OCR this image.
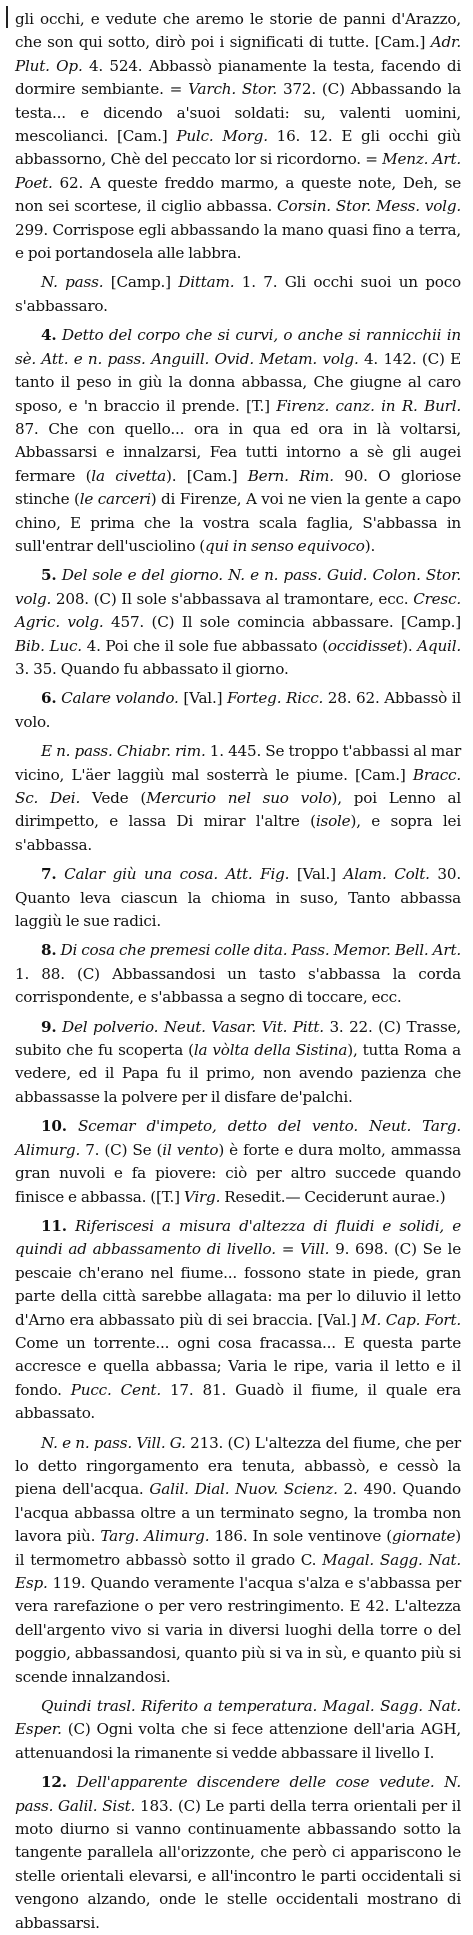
gli occhi, e vedute che aremo le storie de panni d'Arazzo, che son qui sotto, dirò poi i significati di tutte. [Cam.] Adr. Plut. Op. 4. 524. Abbassò pianamente la testa, facendo di dormire sembiante. = Varch. Stor. 372. (C) Abbassando la testa... e dicendo a'suoi soldati: su, valenti uomini, mescolianci. [Cam.] Pulc. Morg. 16. 12. E gli occhi giù abbassorno, Chè del peccato lor si ricordorno. = Menz. Art. Poet. 62. A queste freddo marmo, a queste note, Deh, se non sei scortese, il ciglio abbassa. Corsin. Stor. Mess. volg. 299. Corrispose egli abbassando la mano quasi fino a terra, e poi portandosela alle labbra.

N. pass. [Camp.] Dittam. 1. 7. Gli occhi suoi un poco s'abbassaro.

4. Detto del corpo che si curvi, o anche si rannicchii in sè. Att. e n. pass. Anguill. Ovid. Metam. volg. 4. 142. (C) E tanto il peso in giù la donna abbassa, Che giugne al caro sposo, e 'n braccio il prende. [T.] Firenz. canz. in R. Burl. 87. Che con quello... ora in qua ed ora in là voltarsi, Abbassarsi e innalzarsi, Fea tutti intorno a sè gli augei fermare (la civetta). [Cam.] Bern. Rim. 90. O gloriose stinche (le carceri) di Firenze, A voi ne vien la gente a capo chino, E prima che la vostra scala faglia, S'abbassa in sull'entrar dell'usciolino (qui in senso equivoco).

5. Del sole e del giorno. N. e n. pass. Guid. Colon. Stor. volg. 208. (C) Il sole s'abbassava al tramontare, ecc. Cresc. Agric. volg. 457. (C) Il sole comincia abbassare. [Camp.] Bib. Luc. 4. Poi che il sole fue abbassato (occidisset). Aquil. 3. 35. Quando fu abbassato il giorno.

6. Calare volando. [Val.] Forteg. Ricc. 28. 62. Abbassò il volo.

E n. pass. Chiabr. rim. 1. 445. Se troppo t'abbassi al mar vicino, L'äer laggiù mal sosterrà le piume. [Cam.] Bracc. Sc. Dei. Vede (Mercurio nel suo volo), poi Lenno al dirimpetto, e lassa Di mirar l'altre (isole), e sopra lei s'abbassa.

7. Calar giù una cosa. Att. Fig. [Val.] Alam. Colt. 30. Quanto leva ciascun la chioma in suso, Tanto abbassa laggiù le sue radici.

8. Di cosa che premesi colle dita. Pass. Memor. Bell. Art. 1. 88. (C) Abbassandosi un tasto s'abbassa la corda corrispondente, e s'abbassa a segno di toccare, ecc.

9. Del polverio. Neut. Vasar. Vit. Pitt. 3. 22. (C) Trasse, subito che fu scoperta (la vòlta della Sistina), tutta Roma a vedere, ed il Papa fu il primo, non avendo pazienza che abbassasse la polvere per il disfare de'palchi.

10. Scemar d'impeto, detto del vento. Neut. Targ. Alimurg. 7. (C) Se (il vento) è forte e dura molto, ammassa gran nuvoli e fa piovere: ciò per altro succede quando finisce e abbassa. ([T.] Virg. Resedit.— Ceciderunt aurae.)

11. Riferiscesi a misura d'altezza di fluidi e solidi, e quindi ad abbassamento di livello. = Vill. 9. 698. (C) Se le pescaie ch'erano nel fiume... fossono state in piede, gran parte della città sarebbe allagata: ma per lo diluvio il letto d'Arno era abbassato più di sei braccia. [Val.] M. Cap. Fort. Come un torrente... ogni cosa fracassa... E questa parte accresce e quella abbassa; Varia le ripe, varia il letto e il fondo. Pucc. Cent. 17. 81. Guadò il fiume, il quale era abbassato.

N. e n. pass. Vill. G. 213. (C) L'altezza del fiume, che per lo detto ringorgamento era tenuta, abbassò, e cessò la piena dell'acqua. Galil. Dial. Nuov. Scienz. 2. 490. Quando l'acqua abbassa oltre a un terminato segno, la tromba non lavora più. Targ. Alimurg. 186. In sole ventinove (giornate) il termometro abbassò sotto il grado C. Magal. Sagg. Nat. Esp. 119. Quando veramente l'acqua s'alza e s'abbassa per vera rarefazione o per vero restringimento. E 42. L'altezza dell'argento vivo si varia in diversi luoghi della torre o del poggio, abbassandosi, quanto più si va in sù, e quanto più si scende innalzandosi.

Quindi trasl. Riferito a temperatura. Magal. Sagg. Nat. Esper. (C) Ogni volta che si fece attenzione dell'aria AGH, attenuandosi la rimanente si vedde abbassare il livello I.

12. Dell'apparente discendere delle cose vedute. N. pass. Galil. Sist. 183. (C) Le parti della terra orientali per il moto diurno si vanno continuamente abbassando sotto la tangente parallela all'orizzonte, che però ci appariscono le stelle orientali elevarsi, e all'incontro le parti occidentali si vengono alzando, onde le stelle occidentali mostrano di abbassarsi.
